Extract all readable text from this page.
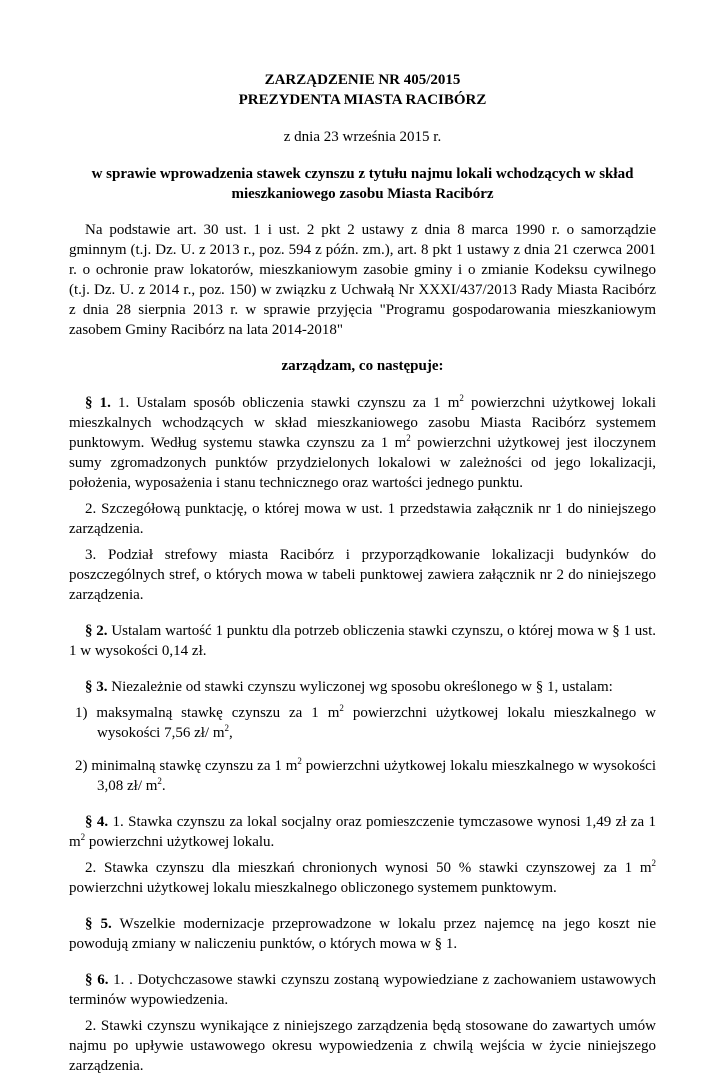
ZARZĄDZENIE NR 405/2015

PREZYDENTA MIASTA RACIBÓRZ

z dnia 23 września 2015 r.

w sprawie wprowadzenia stawek czynszu z tytułu najmu lokali wchodzących w skład

mieszkaniowego zasobu Miasta Racibórz

Na podstawie art. 30 ust. 1 i ust. 2 pkt 2 ustawy z dnia 8 marca 1990 r. o samorządzie gminnym (t.j. Dz. U. z 2013 r., poz. 594 z późn. zm.), art. 8 pkt 1 ustawy z dnia 21 czerwca 2001 r. o ochronie praw lokatorów, mieszkaniowym zasobie gminy i o zmianie Kodeksu cywilnego (t.j. Dz. U. z 2014 r., poz. 150) w związku z Uchwałą Nr XXXI/437/2013 Rady Miasta Racibórz z dnia 28 sierpnia 2013 r. w sprawie przyjęcia "Programu gospodarowania mieszkaniowym zasobem Gminy Racibórz na lata 2014-2018"

zarządzam, co następuje:

§ 1. 1. Ustalam sposób obliczenia stawki czynszu za 1 $m^2$ powierzchni użytkowej lokali mieszkalnych wchodzących w skład mieszkaniowego zasobu Miasta Racibórz systemem punktowym. Według systemu stawka czynszu za 1 $m^2$ powierzchni użytkowej jest iloczynem sumy zgromadzonych punktów przydzielonych lokalowi w zależności od jego lokalizacji, położenia, wyposażenia i stanu technicznego oraz wartości jednego punktu.

2. Szczegółową punktację, o której mowa w ust. 1 przedstawia załącznik nr 1 do niniejszego zarządzenia.

3. Podział strefowy miasta Racibórz i przyporządkowanie lokalizacji budynków do poszczególnych stref, o których mowa w tabeli punktowej zawiera załącznik nr 2 do niniejszego zarządzenia.

§ 2. Ustalam wartość 1 punktu dla potrzeb obliczenia stawki czynszu, o której mowa w § 1 ust. 1 w wysokości 0,14 zł.

§ 3. Niezależnie od stawki czynszu wyliczonej wg sposobu określonego w § 1, ustalam:

1) maksymalną stawkę czynszu za 1 $m^2$ powierzchni użytkowej lokalu mieszkalnego w wysokości 7,56 zł/ $m^2$,

2) minimalną stawkę czynszu za 1 $m^2$ powierzchni użytkowej lokalu mieszkalnego w wysokości 3,08 zł/ $m^2$.

§ 4. 1. Stawka czynszu za lokal socjalny oraz pomieszczenie tymczasowe wynosi 1,49 zł za 1 $m^2$ powierzchni użytkowej lokalu.

2. Stawka czynszu dla mieszkań chronionych wynosi 50 % stawki czynszowej za 1 $m^2$ powierzchni użytkowej lokalu mieszkalnego obliczonego systemem punktowym.

§ 5. Wszelkie modernizacje przeprowadzone w lokalu przez najemcę na jego koszt nie powodują zmiany w naliczeniu punktów, o których mowa w § 1.

§ 6. 1. . Dotychczasowe stawki czynszu zostaną wypowiedziane z zachowaniem ustawowych terminów wypowiedzenia.

2. Stawki czynszu wynikające z niniejszego zarządzenia będą stosowane do zawartych umów najmu po upływie ustawowego okresu wypowiedzenia z chwilą wejścia w życie niniejszego zarządzenia.
